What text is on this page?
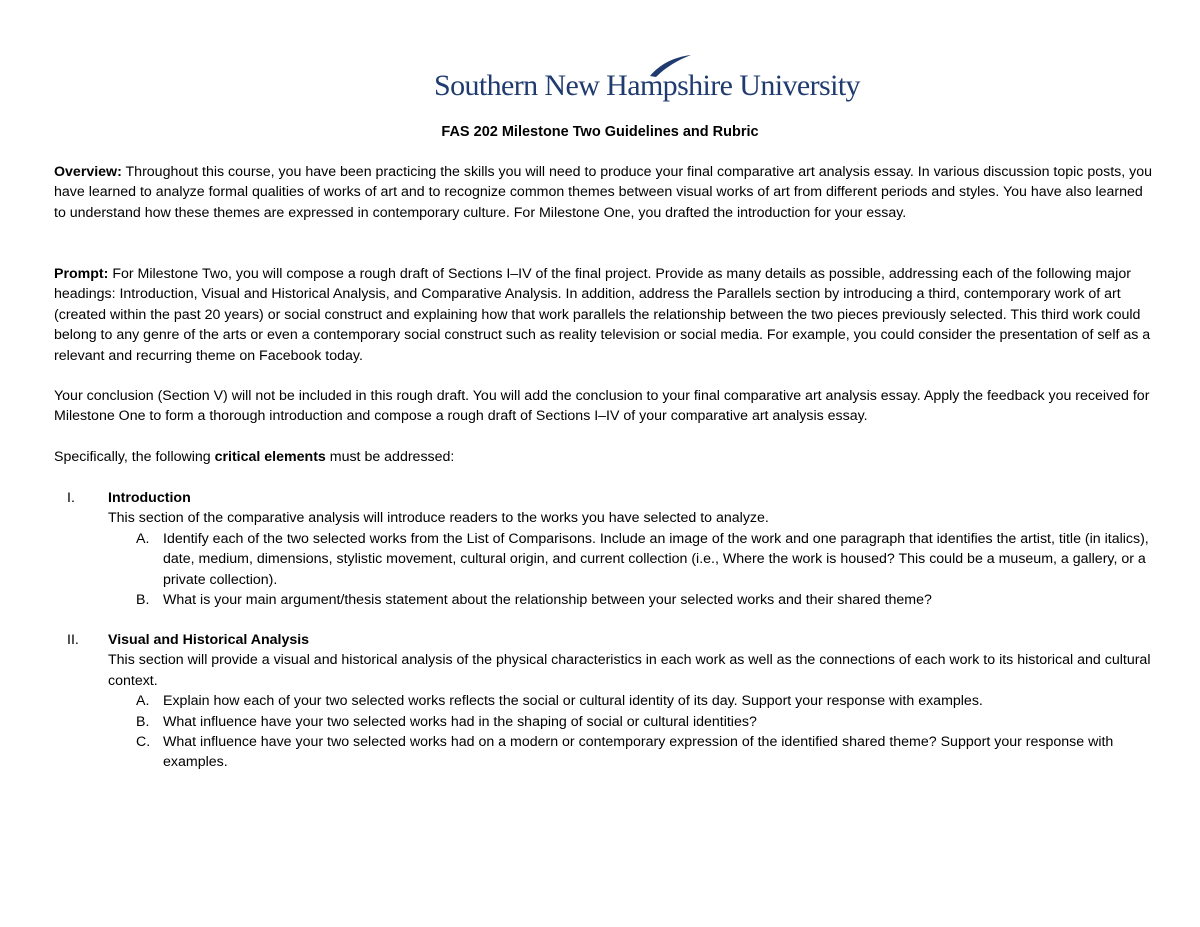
Southern New Hampshire University
FAS 202 Milestone Two Guidelines and Rubric

Overview: Throughout this course, you have been practicing the skills you will need to produce your final comparative art analysis essay. In various discussion topic posts, you have learned to analyze formal qualities of works of art and to recognize common themes between visual works of art from different periods and styles. You have also learned to understand how these themes are expressed in contemporary culture. For Milestone One, you drafted the introduction for your essay.

Prompt: For Milestone Two, you will compose a rough draft of Sections I–IV of the final project. Provide as many details as possible, addressing each of the following major headings: Introduction, Visual and Historical Analysis, and Comparative Analysis. In addition, address the Parallels section by introducing a third, contemporary work of art (created within the past 20 years) or social construct and explaining how that work parallels the relationship between the two pieces previously selected. This third work could belong to any genre of the arts or even a contemporary social construct such as reality television or social media. For example, you could consider the presentation of self as a relevant and recurring theme on Facebook today.

Your conclusion (Section V) will not be included in this rough draft. You will add the conclusion to your final comparative art analysis essay. Apply the feedback you received for Milestone One to form a thorough introduction and compose a rough draft of Sections I–IV of your comparative art analysis essay.

Specifically, the following critical elements must be addressed:

I. Introduction
This section of the comparative analysis will introduce readers to the works you have selected to analyze.
A. Identify each of the two selected works from the List of Comparisons. Include an image of the work and one paragraph that identifies the artist, title (in italics), date, medium, dimensions, stylistic movement, cultural origin, and current collection (i.e., Where the work is housed? This could be a museum, a gallery, or a private collection).
B. What is your main argument/thesis statement about the relationship between your selected works and their shared theme?
II. Visual and Historical Analysis
This section will provide a visual and historical analysis of the physical characteristics in each work as well as the connections of each work to its historical and cultural context.
A. Explain how each of your two selected works reflects the social or cultural identity of its day. Support your response with examples.
B. What influence have your two selected works had in the shaping of social or cultural identities?
C. What influence have your two selected works had on a modern or contemporary expression of the identified shared theme? Support your response with examples.
